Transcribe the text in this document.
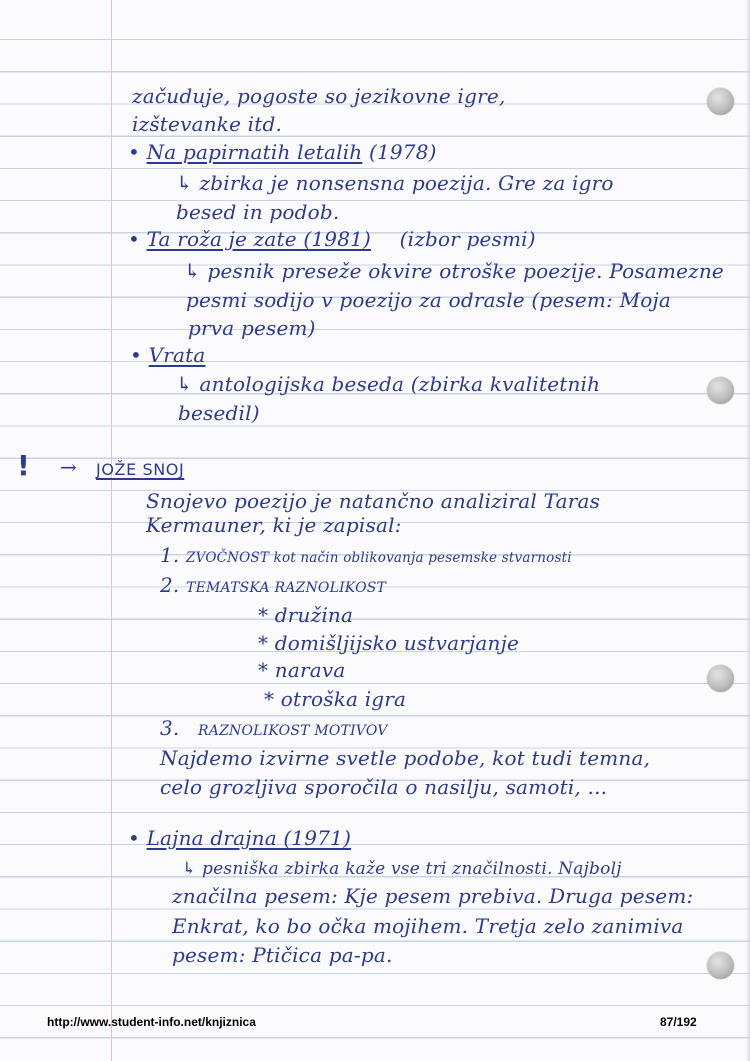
začuduje, pogoste so jezikovne igre,
izštevanke itd.
• Na papirnatih letalih (1978)
↳ zbirka je nonsensna poezija. Gre za igro
besed in podob.
• Ta roža je zate (1981) (izbor pesmi)
↳ pesnik preseže okvire otroške poezije. Posamezne
pesmi sodijo v poezijo za odrasle (pesem: Moja
prva pesem)
• Vrata
↳ antologijska beseda (zbirka kvalitetnih
besedil)
! → JOŽE SNOJ
Snojevo poezijo je natančno analiziral Taras
Kermauner, ki je zapisal:
1. ZVOČNOST kot način oblikovanja pesemske stvarnosti
2. TEMATSKA RAZNOLIKOST
* družina
* domišljijsko ustvarjanje
* narava
* otroška igra
3. RAZNOLIKOST MOTIVOV
Najdemo izvirne svetle podobe, kot tudi temna,
celo grozljiva sporočila o nasilju, samoti, ...
• Lajna drajna (1971)
↳ pesniška zbirka kaže vse tri značilnosti. Najbolj
značilna pesem: Kje pesem prebiva. Druga pesem:
Enkrat, ko bo očka mojihem. Tretja zelo zanimiva
pesem: Ptičica pa-pa.
http://www.student-info.net/knjiznica	87/192
